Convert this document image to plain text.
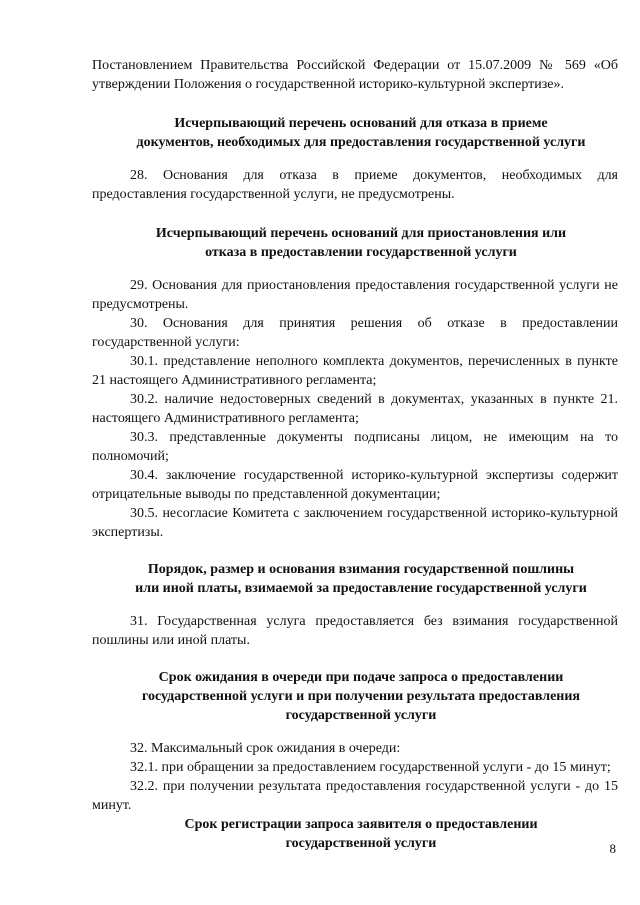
Постановлением Правительства Российской Федерации от 15.07.2009 № 569 «Об утверждении Положения о государственной историко-культурной экспертизе».

Исчерпывающий перечень оснований для отказа в приеме
документов, необходимых для предоставления государственной услуги

28. Основания для отказа в приеме документов, необходимых для предоставления государственной услуги, не предусмотрены.

Исчерпывающий перечень оснований для приостановления или
отказа в предоставлении государственной услуги

29. Основания для приостановления предоставления государственной услуги не предусмотрены.

30. Основания для принятия решения об отказе в предоставлении государственной услуги:

30.1. представление неполного комплекта документов, перечисленных в пункте 21 настоящего Административного регламента;

30.2. наличие недостоверных сведений в документах, указанных в пункте 21. настоящего Административного регламента;

30.3. представленные документы подписаны лицом, не имеющим на то полномочий;

30.4. заключение государственной историко-культурной экспертизы содержит отрицательные выводы по представленной документации;

30.5. несогласие Комитета с заключением государственной историко-культурной экспертизы.

Порядок, размер и основания взимания государственной пошлины
или иной платы, взимаемой за предоставление государственной услуги

31. Государственная услуга предоставляется без взимания государственной пошлины или иной платы.

Срок ожидания в очереди при подаче запроса о предоставлении
государственной услуги и при получении результата предоставления
государственной услуги

32. Максимальный срок ожидания в очереди:

32.1. при обращении за предоставлением государственной услуги - до 15 минут;

32.2. при получении результата предоставления государственной услуги - до 15 минут.

Срок регистрации запроса заявителя о предоставлении
государственной услуги	8
